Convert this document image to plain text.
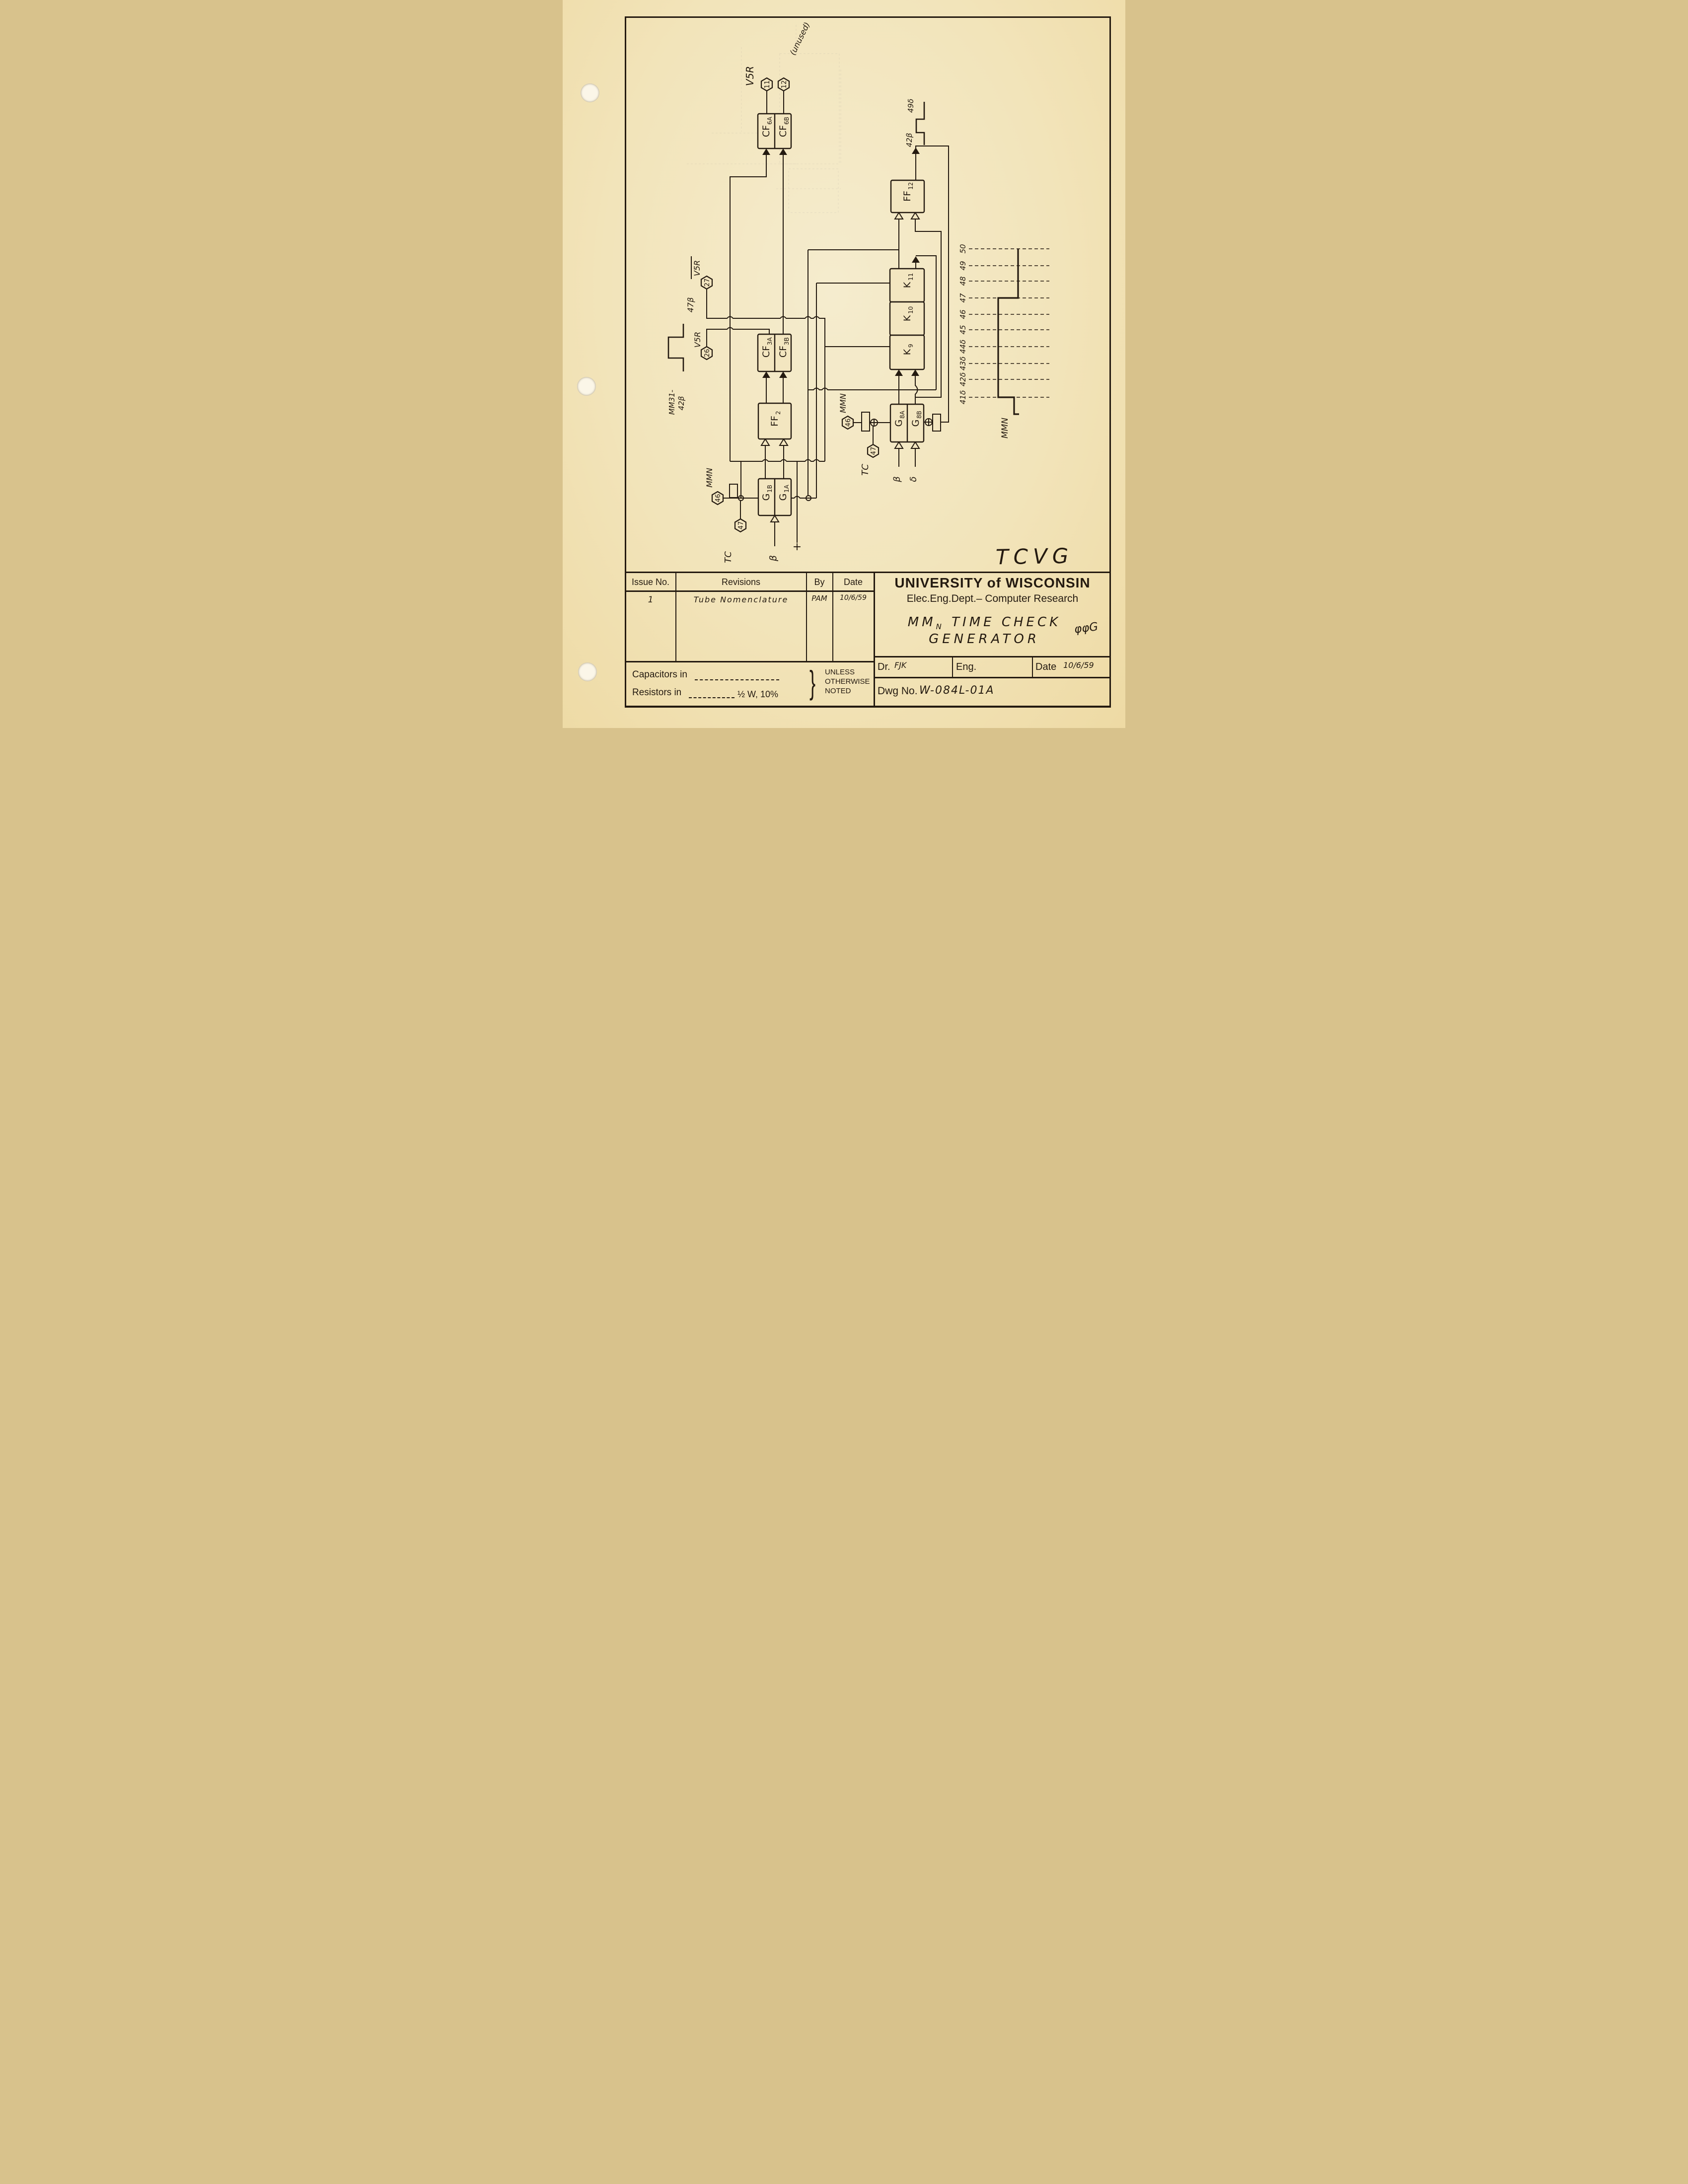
CF
6A
CF
6B
CF
3A
CF
3B
FF
2
G
1B
G
1A
FF
12
K
11
K
10
K
9
G
8A
G
8B
11 12
27
26
46
47
46
47
V5R
(unused)
V5R
V5R
47β
MM31- 42β
49δ
42β
MMN
TC	β
+
MMN
TC
β δ
41δ
42δ
43δ
44δ
45
46
47
48
49
50
MMN
TCVG
Issue No.	Revisions	By	Date
1	Tube Nomenclature	PAM	10/6/59
Capacitors in
Resistors in	½ W, 10% } UNLESS
OTHERWISE
NOTED
UNIVERSITY of WISCONSIN
Elec.Eng.Dept.– Computer Research
$MM_N$ TIME CHECK
GENERATOR
φφG
Dr. FJK	Eng.	Date 10/6/59
Dwg No. W-084L-01A
